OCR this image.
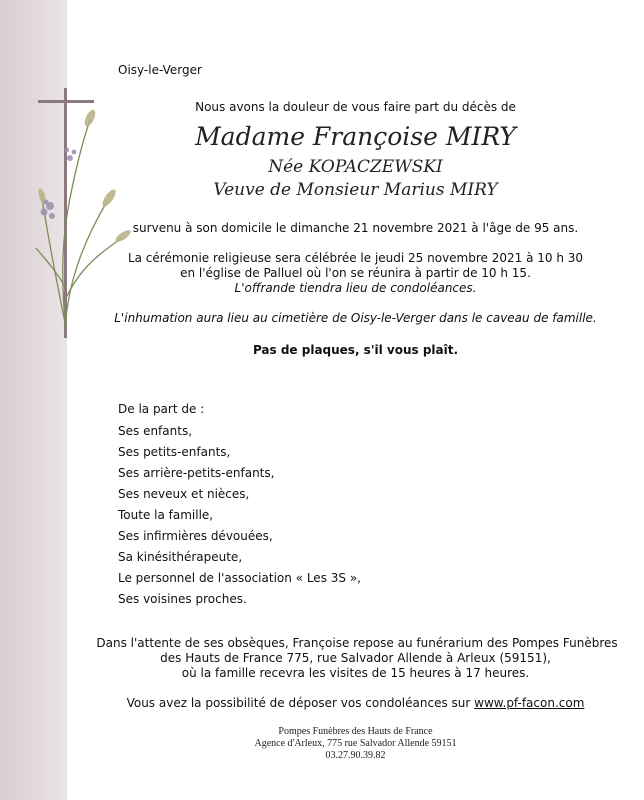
Oisy-le-Verger
Nous avons la douleur de vous faire part du décès de
Madame Françoise MIRY
Née KOPACZEWSKI
Veuve de Monsieur Marius MIRY
survenu à son domicile le dimanche 21 novembre 2021 à l'âge de 95 ans.
La cérémonie religieuse sera célébrée le jeudi 25 novembre 2021 à 10 h 30
en l'église de Palluel où l'on se réunira à partir de 10 h 15.
L'offrande tiendra lieu de condoléances.
L'inhumation aura lieu au cimetière de Oisy-le-Verger dans le caveau de famille.
Pas de plaques, s'il vous plaît.
De la part de :
Ses enfants,
Ses petits-enfants,
Ses arrière-petits-enfants,
Ses neveux et nièces,
Toute la famille,
Ses infirmières dévouées,
Sa kinésithérapeute,
Le personnel de l'association « Les 3S »,
Ses voisines proches.
Dans l'attente de ses obsèques, Françoise repose au funérarium des Pompes Funèbres
des Hauts de France 775, rue Salvador Allende à Arleux (59151),
où la famille recevra les visites de 15 heures à 17 heures.
Vous avez la possibilité de déposer vos condoléances sur www.pf-facon.com
Pompes Funèbres des Hauts de France
Agence d'Arleux, 775 rue Salvador Allende 59151
03.27.90.39.82
